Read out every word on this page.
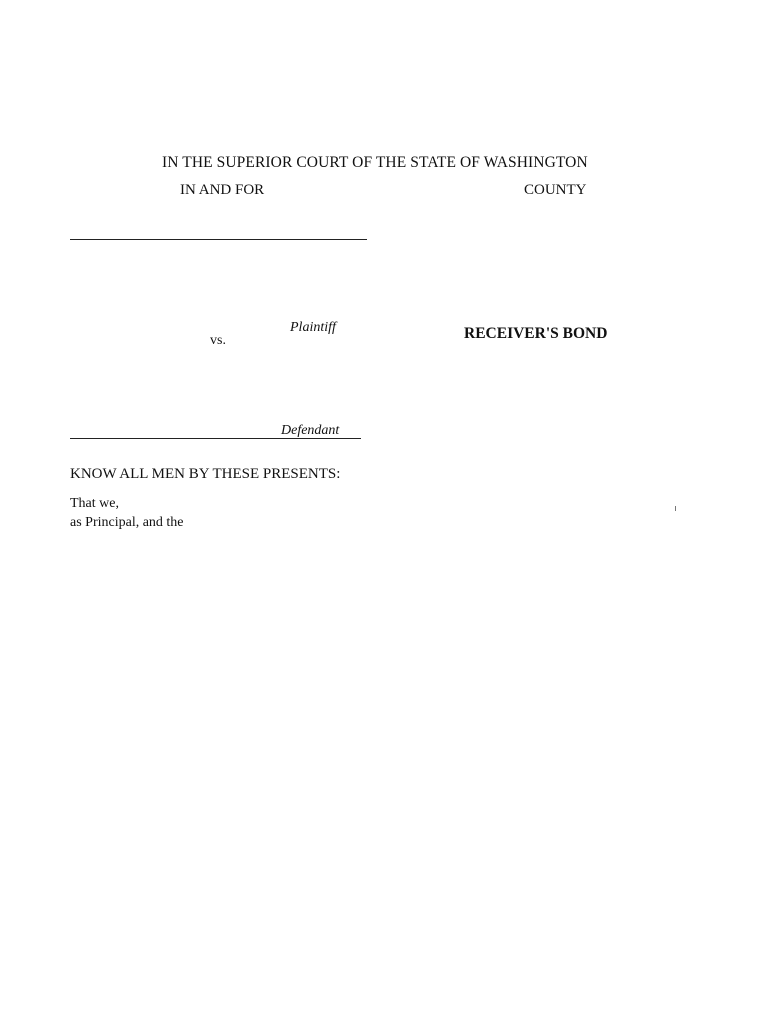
IN THE SUPERIOR COURT OF THE STATE OF WASHINGTON
IN AND FOR	COUNTY
Plaintiff
vs.	RECEIVER'S BOND
Defendant
KNOW ALL MEN BY THESE PRESENTS:
That we,
as Principal, and the
